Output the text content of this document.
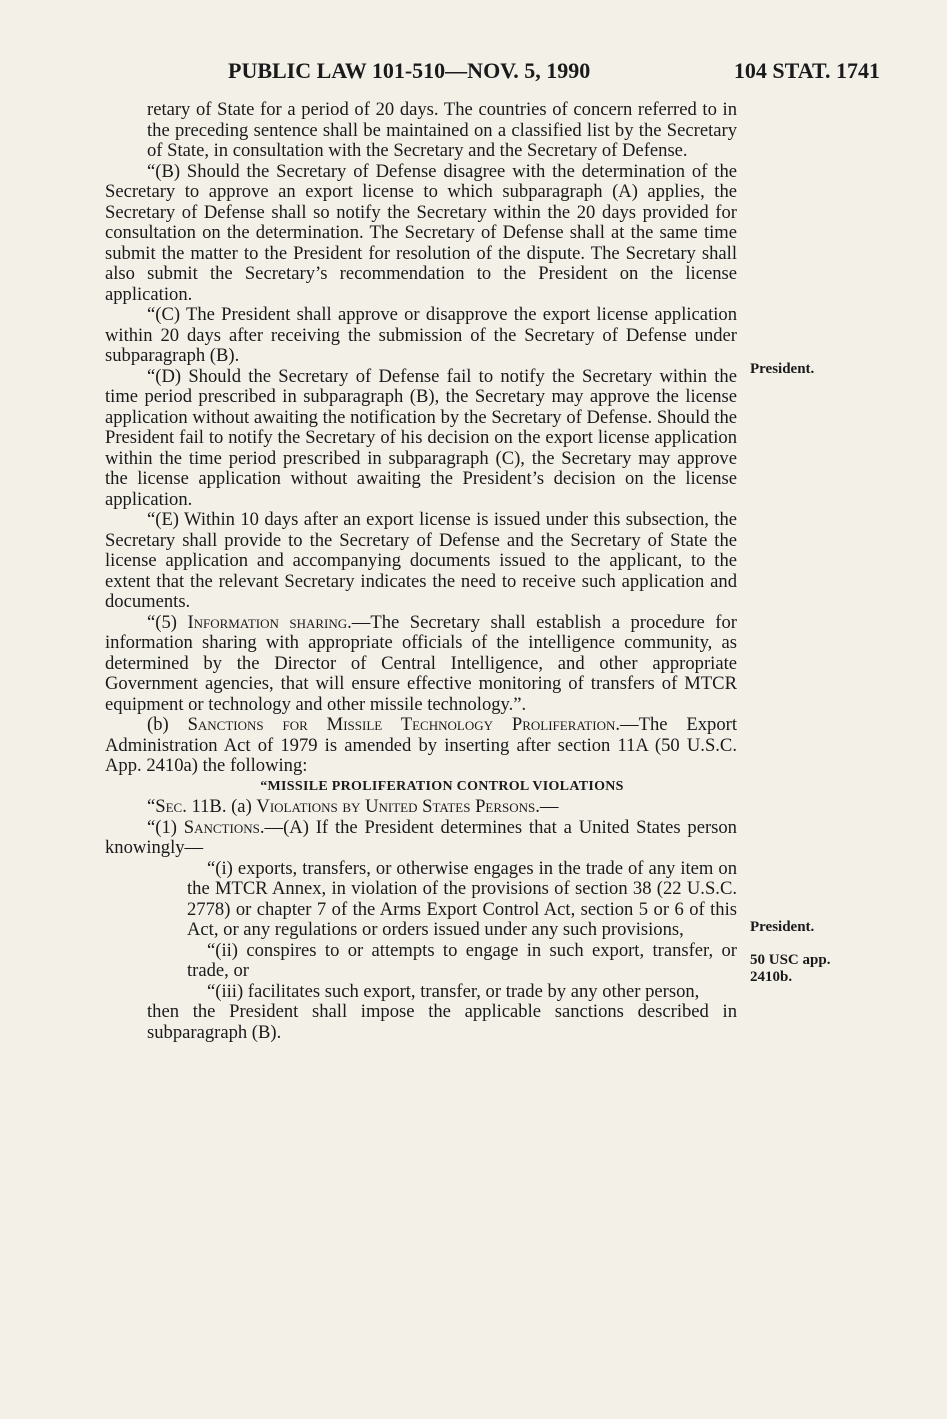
PUBLIC LAW 101-510—NOV. 5, 1990	104 STAT. 1741

retary of State for a period of 20 days. The countries of concern referred to in the preceding sentence shall be maintained on a classified list by the Secretary of State, in consultation with the Secretary and the Secretary of Defense.

“(B) Should the Secretary of Defense disagree with the determination of the Secretary to approve an export license to which subparagraph (A) applies, the Secretary of Defense shall so notify the Secretary within the 20 days provided for consultation on the determination. The Secretary of Defense shall at the same time submit the matter to the President for resolution of the dispute. The Secretary shall also submit the Secretary’s recommendation to the President on the license application.

“(C) The President shall approve or disapprove the export license application within 20 days after receiving the submission of the Secretary of Defense under subparagraph (B).

“(D) Should the Secretary of Defense fail to notify the Secretary within the time period prescribed in subparagraph (B), the Secretary may approve the license application without awaiting the notification by the Secretary of Defense. Should the President fail to notify the Secretary of his decision on the export license application within the time period prescribed in subparagraph (C), the Secretary may approve the license application without awaiting the President’s decision on the license application.

“(E) Within 10 days after an export license is issued under this subsection, the Secretary shall provide to the Secretary of Defense and the Secretary of State the license application and accompanying documents issued to the applicant, to the extent that the relevant Secretary indicates the need to receive such application and documents.

“(5) Information sharing.—The Secretary shall establish a procedure for information sharing with appropriate officials of the intelligence community, as determined by the Director of Central Intelligence, and other appropriate Government agencies, that will ensure effective monitoring of transfers of MTCR equipment or technology and other missile technology.”.

(b) Sanctions for Missile Technology Proliferation.—The Export Administration Act of 1979 is amended by inserting after section 11A (50 U.S.C. App. 2410a) the following:

“MISSILE PROLIFERATION CONTROL VIOLATIONS

“Sec. 11B. (a) Violations by United States Persons.—

“(1) Sanctions.—(A) If the President determines that a United States person knowingly—

“(i) exports, transfers, or otherwise engages in the trade of any item on the MTCR Annex, in violation of the provisions of section 38 (22 U.S.C. 2778) or chapter 7 of the Arms Export Control Act, section 5 or 6 of this Act, or any regulations or orders issued under any such provisions,

“(ii) conspires to or attempts to engage in such export, transfer, or trade, or

“(iii) facilitates such export, transfer, or trade by any other person,

then the President shall impose the applicable sanctions described in subparagraph (B).

President.
President.
50 USC app. 2410b.
